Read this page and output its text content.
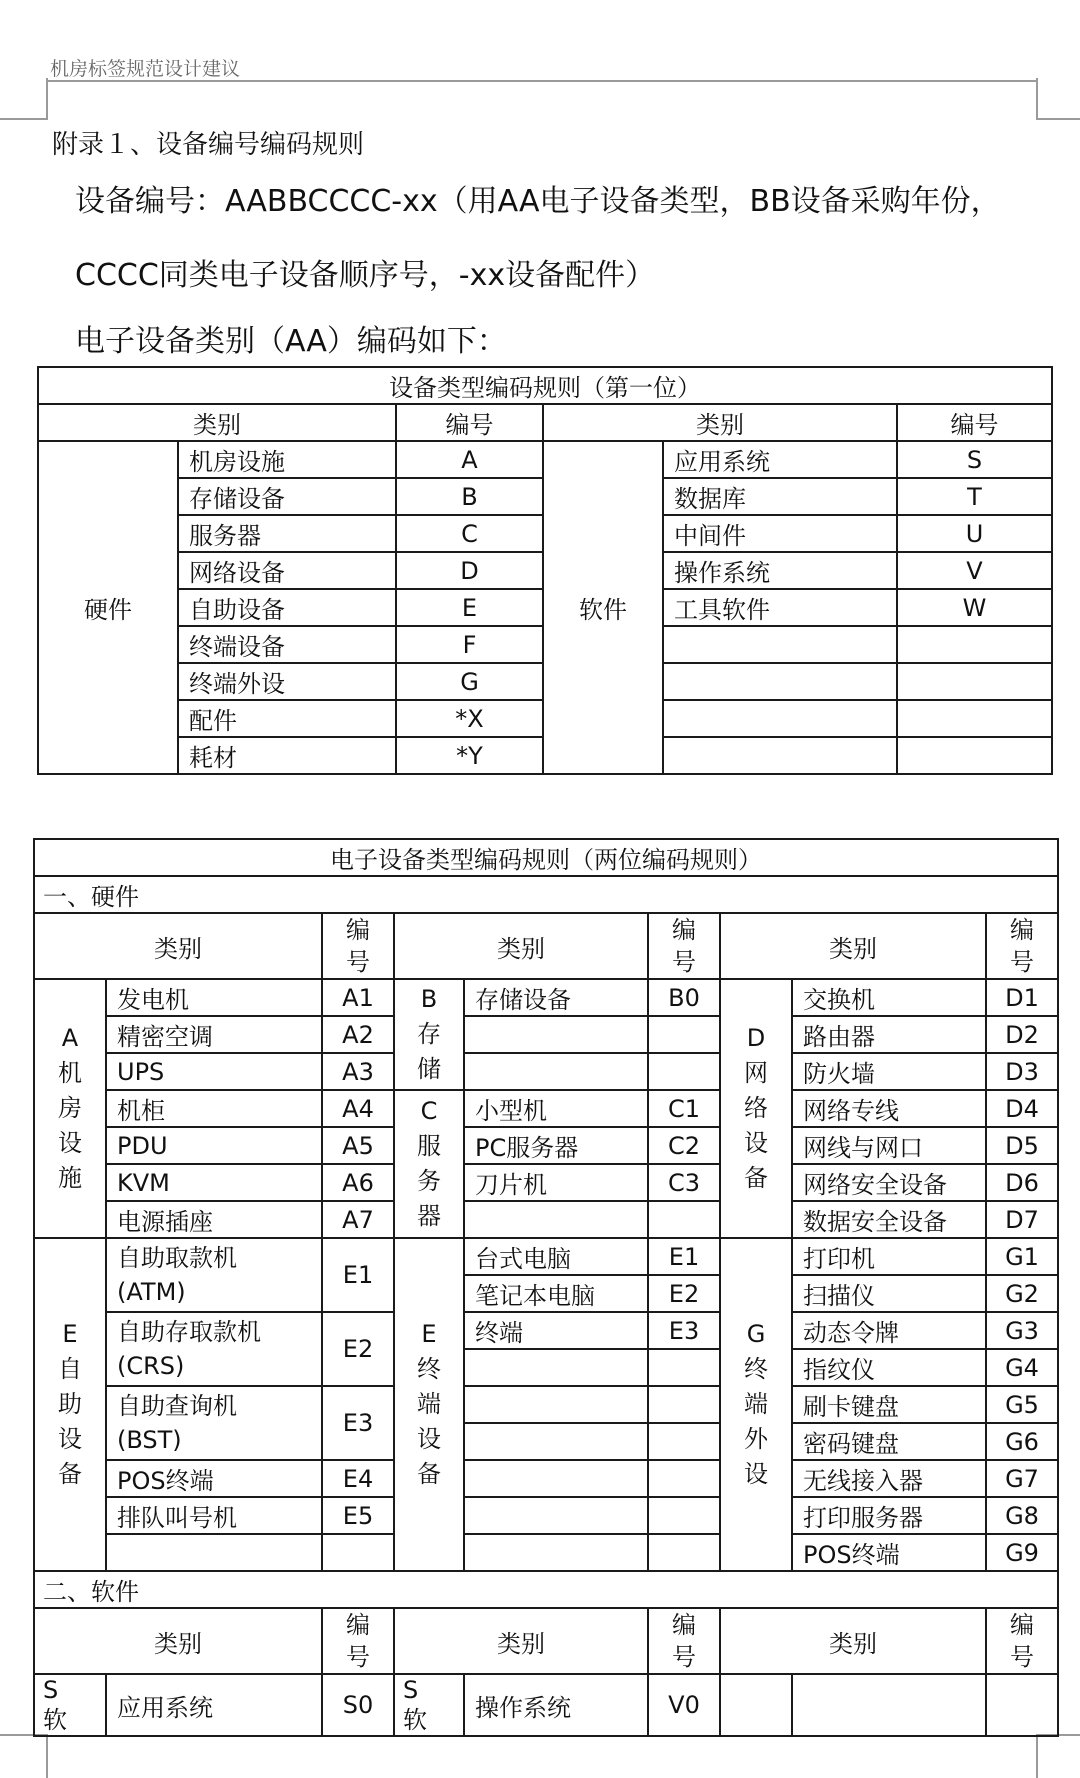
机房标签规范设计建议
附录１、设备编号编码规则
设备编号：AABBCCCC-xx（用AA电子设备类型，BB设备采购年份，
CCCC同类电子设备顺序号，-xx设备配件）
电子设备类别（AA）编码如下：
设备类型编码规则（第一位）					
类别		编号	类别		编号
硬件	机房设施	A	软件	应用系统	S
	存储设备	B		数据库	T
	服务器	C		中间件	U
	网络设备	D		操作系统	V
	自助设备	E		工具软件	W
	终端设备	F			
	终端外设	G			
	配件	*X			
	耗材	*Y			
电子设备类型编码规则（两位编码规则）								
一、硬件								
类别		编号	类别		编号	类别		编号
A机房设施	发电机	A1	B存储	存储设备	B0	D网络设备	交换机	D1
	精密空调	A2					路由器	D2
	UPS	A3					防火墙	D3
	机柜	A4	C服务器	小型机	C1		网络专线	D4
	PDU	A5		PC服务器	C2		网线与网口	D5
	KVM	A6		刀片机	C3		网络安全设备	D6
	电源插座	A7					数据安全设备	D7
E自助设备	自助取款机
(ATM)	E1	E终端设备	台式电脑	E1	G终端外设	打印机	G1
				笔记本电脑	E2		扫描仪	G2
	自助存取款机
(CRS)	E2		终端	E3		动态令牌	G3
							指纹仪	G4
	自助查询机
(BST)	E3					刷卡键盘	G5
							密码键盘	G6
	POS终端	E4					无线接入器	G7
	排队叫号机	E5					打印服务器	G8
							POS终端	G9
二、软件								
类别		编号	类别		编号	类别		编号
S软	应用系统	S0	S软	操作系统	V0			
